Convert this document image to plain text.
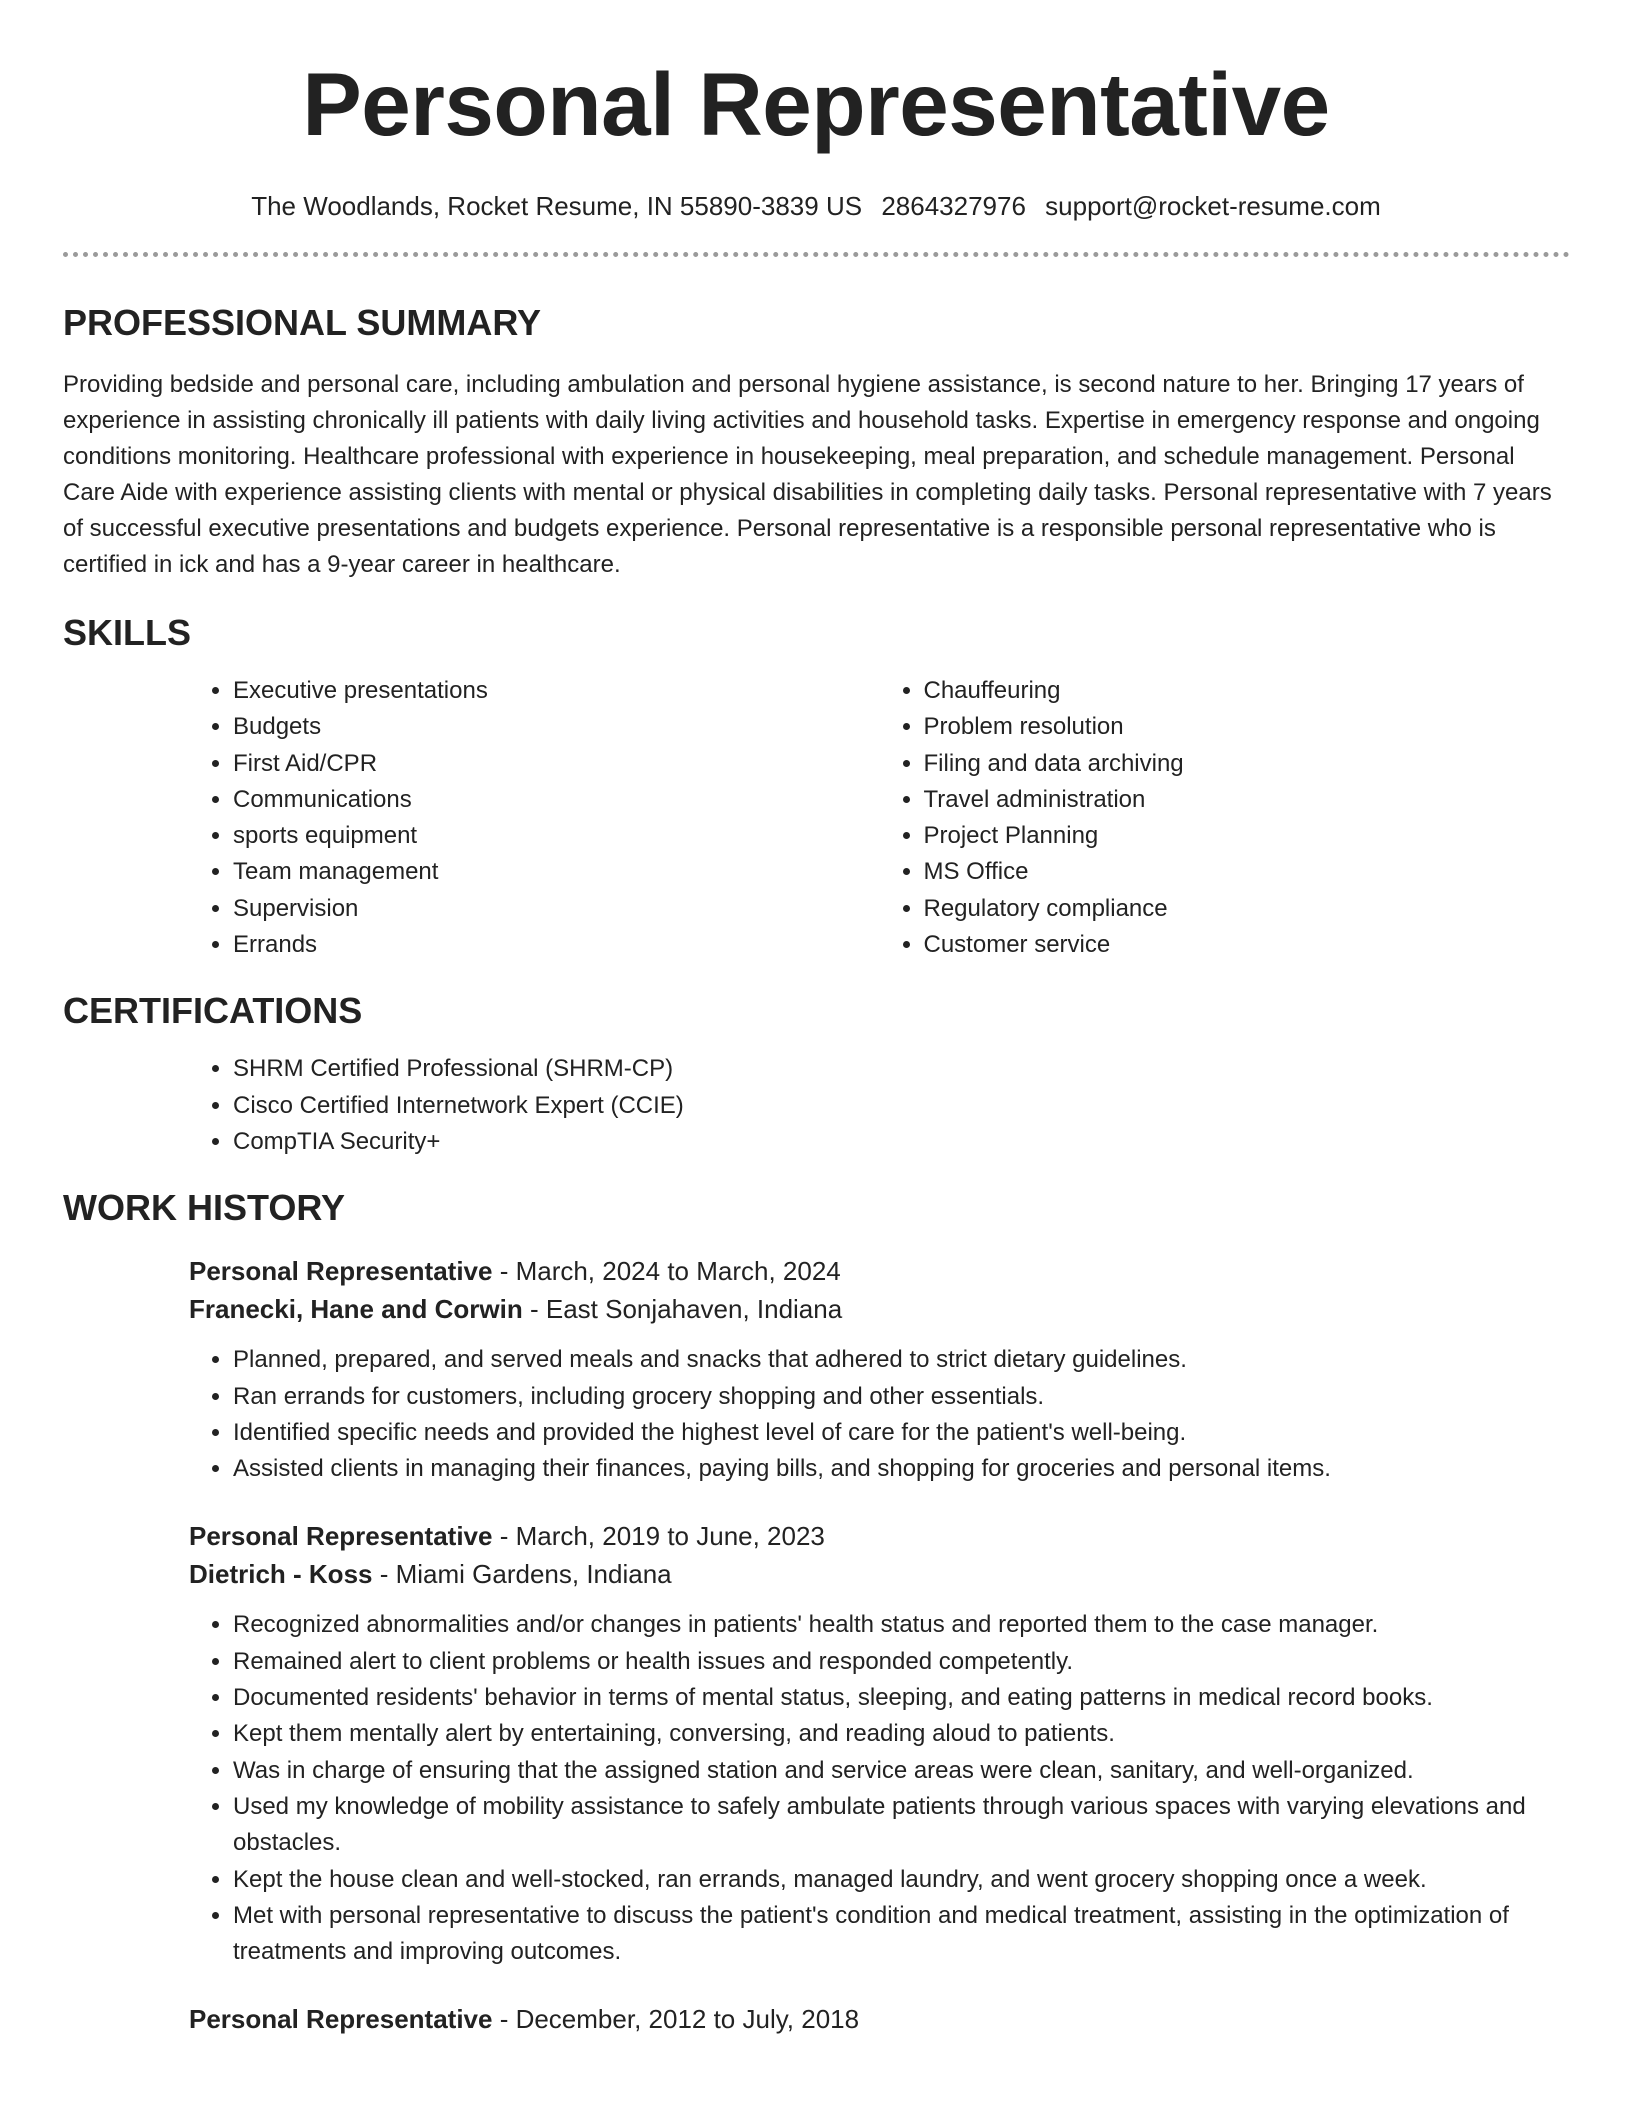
Personal Representative
The Woodlands, Rocket Resume, IN 55890-3839 US 2864327976 support@rocket-resume.com
PROFESSIONAL SUMMARY

Providing bedside and personal care, including ambulation and personal hygiene assistance, is second nature to her. Bringing 17 years of experience in assisting chronically ill patients with daily living activities and household tasks. Expertise in emergency response and ongoing conditions monitoring. Healthcare professional with experience in housekeeping, meal preparation, and schedule management. Personal Care Aide with experience assisting clients with mental or physical disabilities in completing daily tasks. Personal representative with 7 years of successful executive presentations and budgets experience. Personal representative is a responsible personal representative who is certified in ick and has a 9-year career in healthcare.

SKILLS
• Executive presentations
• Budgets
• First Aid/CPR
• Communications
• sports equipment
• Team management
• Supervision
• Errands
• Chauffeuring
• Problem resolution
• Filing and data archiving
• Travel administration
• Project Planning
• MS Office
• Regulatory compliance
• Customer service
CERTIFICATIONS
• SHRM Certified Professional (SHRM-CP)
• Cisco Certified Internetwork Expert (CCIE)
• CompTIA Security+
WORK HISTORY
Personal Representative - March, 2024 to March, 2024
Franecki, Hane and Corwin - East Sonjahaven, Indiana
• Planned, prepared, and served meals and snacks that adhered to strict dietary guidelines.
• Ran errands for customers, including grocery shopping and other essentials.
• Identified specific needs and provided the highest level of care for the patient's well-being.
• Assisted clients in managing their finances, paying bills, and shopping for groceries and personal items.
Personal Representative - March, 2019 to June, 2023
Dietrich - Koss - Miami Gardens, Indiana
• Recognized abnormalities and/or changes in patients' health status and reported them to the case manager.
• Remained alert to client problems or health issues and responded competently.
• Documented residents' behavior in terms of mental status, sleeping, and eating patterns in medical record books.
• Kept them mentally alert by entertaining, conversing, and reading aloud to patients.
• Was in charge of ensuring that the assigned station and service areas were clean, sanitary, and well-organized.
• Used my knowledge of mobility assistance to safely ambulate patients through various spaces with varying elevations and obstacles.
• Kept the house clean and well-stocked, ran errands, managed laundry, and went grocery shopping once a week.
• Met with personal representative to discuss the patient's condition and medical treatment, assisting in the optimization of treatments and improving outcomes.
Personal Representative - December, 2012 to July, 2018
